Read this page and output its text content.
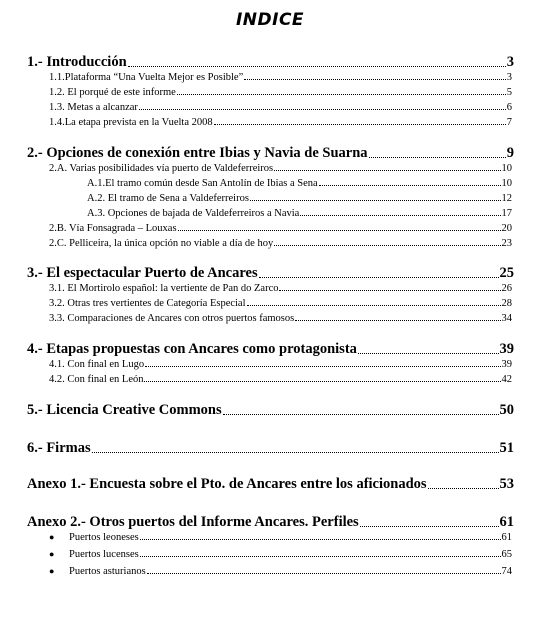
INDICE
1.- Introducción	3
1.1.Plataforma “Una Vuelta Mejor es Posible”	3
1.2. El porqué de este informe	5
1.3. Metas a alcanzar	6
1.4.La etapa prevista en la Vuelta 2008	7
2.- Opciones de conexión entre Ibias y Navia de Suarna	9
2.A. Varias posibilidades vía puerto de Valdeferreiros	10
A.1.El tramo común desde San Antolín de Ibias a Sena	10
A.2. El tramo de Sena a Valdeferreiros	12
A.3. Opciones de bajada de Valdeferreiros a Navia	17
2.B. Vía Fonsagrada – Louxas	20
2.C. Pelliceira, la única opción no viable a día de hoy	23
3.- El espectacular Puerto de Ancares	25
3.1. El Mortirolo español: la vertiente de Pan do Zarco	26
3.2. Otras tres vertientes de Categoría Especial	28
3.3. Comparaciones de Ancares con otros puertos famosos	34
4.- Etapas propuestas con Ancares como protagonista	39
4.1. Con final en Lugo	39
4.2. Con final en León	42
5.- Licencia Creative Commons	50
6.- Firmas	51
Anexo 1.- Encuesta sobre el Pto. de Ancares entre los aficionados	53
Anexo 2.- Otros puertos del Informe Ancares. Perfiles	61
● Puertos leoneses	61
● Puertos lucenses	65
● Puertos asturianos	74
